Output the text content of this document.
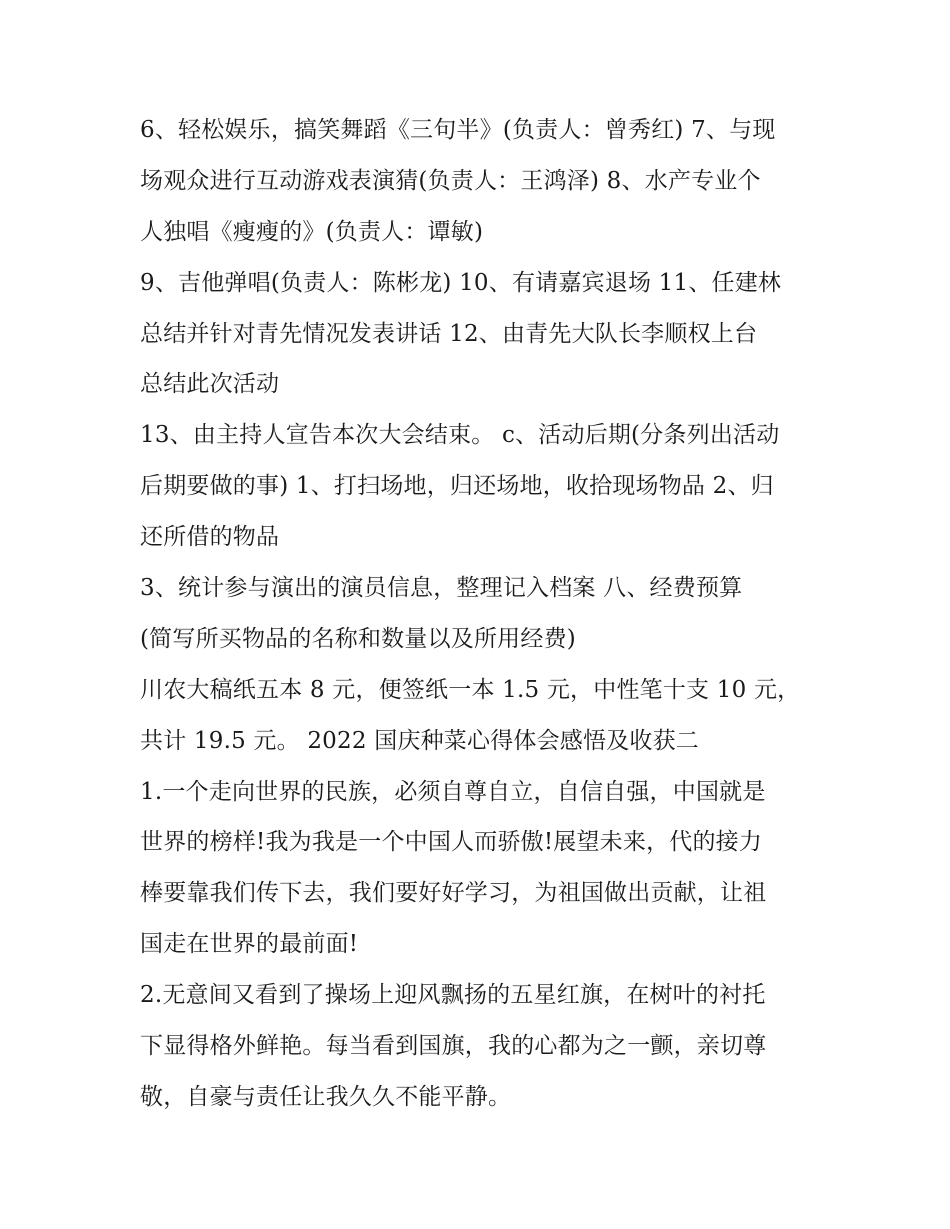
6、轻松娱乐，搞笑舞蹈《三句半》(负责人：曾秀红) 7、与现
场观众进行互动游戏表演猜(负责人：王鸿泽) 8、水产专业个
人独唱《瘦瘦的》(负责人：谭敏)
9、吉他弹唱(负责人：陈彬龙) 10、有请嘉宾退场 11、任建林
总结并针对青先情况发表讲话 12、由青先大队长李顺权上台
总结此次活动
13、由主持人宣告本次大会结束。 c、活动后期(分条列出活动
后期要做的事) 1、打扫场地，归还场地，收拾现场物品 2、归
还所借的物品
3、统计参与演出的演员信息，整理记入档案 八、经费预算
(简写所买物品的名称和数量以及所用经费)
川农大稿纸五本 8 元，便签纸一本 1.5 元，中性笔十支 10 元，
共计 19.5 元。 2022 国庆种菜心得体会感悟及收获二
1.一个走向世界的民族，必须自尊自立，自信自强，中国就是
世界的榜样!我为我是一个中国人而骄傲!展望未来，代的接力
棒要靠我们传下去，我们要好好学习，为祖国做出贡献，让祖
国走在世界的最前面!
2.无意间又看到了操场上迎风飘扬的五星红旗，在树叶的衬托
下显得格外鲜艳。每当看到国旗，我的心都为之一颤，亲切尊
敬，自豪与责任让我久久不能平静。
